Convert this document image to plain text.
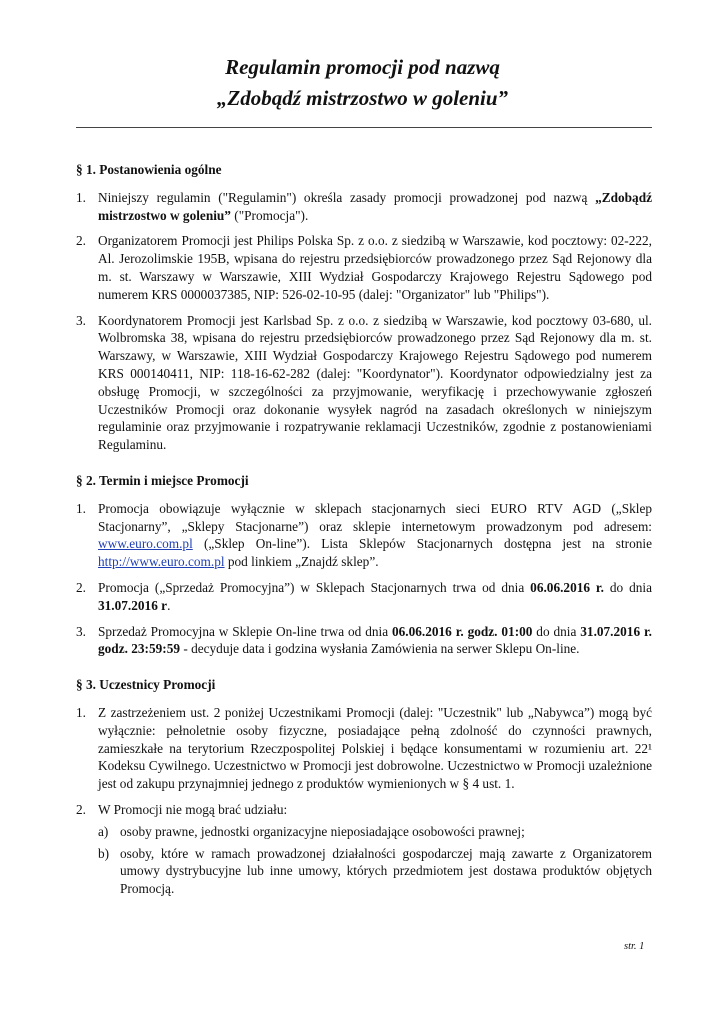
Regulamin promocji pod nazwą
„Zdobądź mistrzostwo w goleniu”
§ 1. Postanowienia ogólne
1. Niniejszy regulamin ("Regulamin") określa zasady promocji prowadzonej pod nazwą „Zdobądź mistrzostwo w goleniu” ("Promocja").
2. Organizatorem Promocji jest Philips Polska Sp. z o.o. z siedzibą w Warszawie, kod pocztowy: 02-222, Al. Jerozolimskie 195B, wpisana do rejestru przedsiębiorców prowadzonego przez Sąd Rejonowy dla m. st. Warszawy w Warszawie, XIII Wydział Gospodarczy Krajowego Rejestru Sądowego pod numerem KRS 0000037385, NIP: 526-02-10-95 (dalej: "Organizator" lub "Philips").
3. Koordynatorem Promocji jest Karlsbad Sp. z o.o. z siedzibą w Warszawie, kod pocztowy 03-680, ul. Wolbromska 38, wpisana do rejestru przedsiębiorców prowadzonego przez Sąd Rejonowy dla m. st. Warszawy, w Warszawie, XIII Wydział Gospodarczy Krajowego Rejestru Sądowego pod numerem KRS 000140411, NIP: 118-16-62-282 (dalej: "Koordynator"). Koordynator odpowiedzialny jest za obsługę Promocji, w szczególności za przyjmowanie, weryfikację i przechowywanie zgłoszeń Uczestników Promocji oraz dokonanie wysyłek nagród na zasadach określonych w niniejszym regulaminie oraz przyjmowanie i rozpatrywanie reklamacji Uczestników, zgodnie z postanowieniami Regulaminu.
§ 2. Termin i miejsce Promocji
1. Promocja obowiązuje wyłącznie w sklepach stacjonarnych sieci EURO RTV AGD („Sklep Stacjonarny”, „Sklepy Stacjonarne”) oraz sklepie internetowym prowadzonym pod adresem: www.euro.com.pl („Sklep On-line”). Lista Sklepów Stacjonarnych dostępna jest na stronie http://www.euro.com.pl pod linkiem „Znajdź sklep”.
2. Promocja („Sprzedaż Promocyjna”) w Sklepach Stacjonarnych trwa od dnia 06.06.2016 r. do dnia 31.07.2016 r.
3. Sprzedaż Promocyjna w Sklepie On-line trwa od dnia 06.06.2016 r. godz. 01:00 do dnia 31.07.2016 r. godz. 23:59:59 - decyduje data i godzina wysłania Zamówienia na serwer Sklepu On-line.
§ 3. Uczestnicy Promocji
1. Z zastrzeżeniem ust. 2 poniżej Uczestnikami Promocji (dalej: "Uczestnik" lub „Nabywca”) mogą być wyłącznie: pełnoletnie osoby fizyczne, posiadające pełną zdolność do czynności prawnych, zamieszkałe na terytorium Rzeczpospolitej Polskiej i będące konsumentami w rozumieniu art. 22¹ Kodeksu Cywilnego. Uczestnictwo w Promocji jest dobrowolne. Uczestnictwo w Promocji uzależnione jest od zakupu przynajmniej jednego z produktów wymienionych w § 4 ust. 1.
2. W Promocji nie mogą brać udziału:
a) osoby prawne, jednostki organizacyjne nieposiadające osobowości prawnej;
b) osoby, które w ramach prowadzonej działalności gospodarczej mają zawarte z Organizatorem umowy dystrybucyjne lub inne umowy, których przedmiotem jest dostawa produktów objętych Promocją.
str. 1
